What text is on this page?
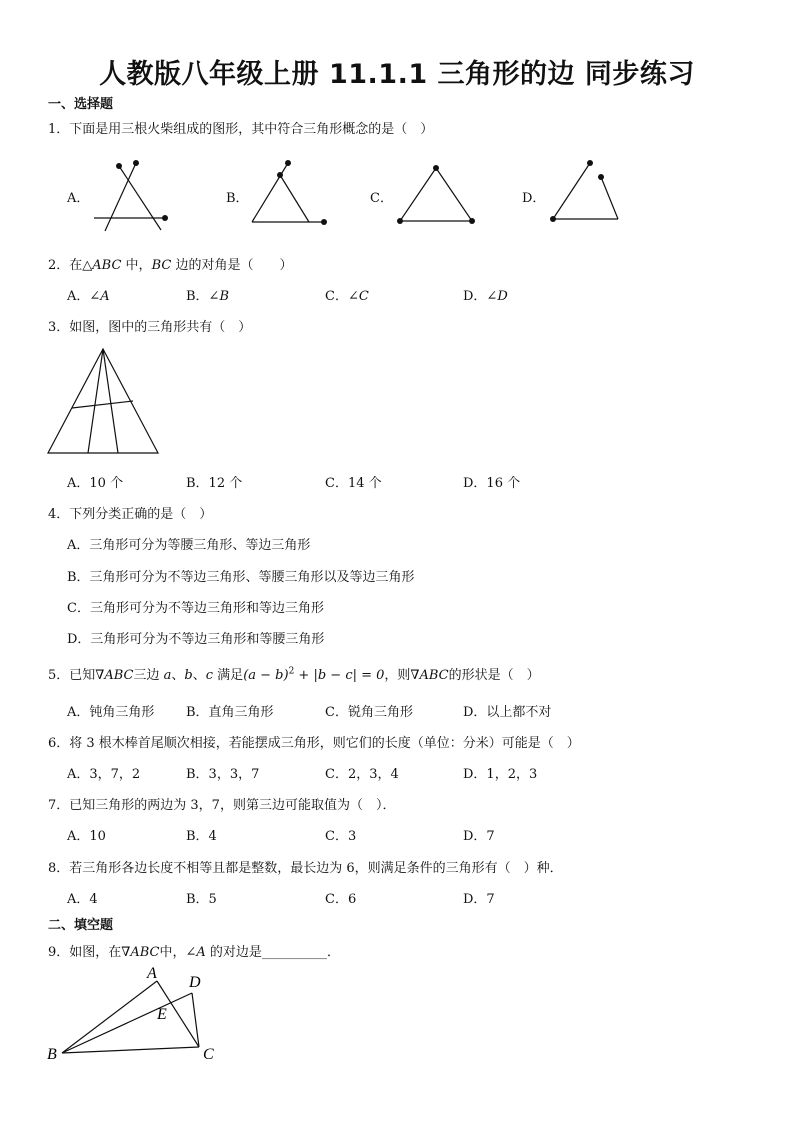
人教版八年级上册 11.1.1 三角形的边 同步练习
一、选择题
1．下面是用三根火柴组成的图形，其中符合三角形概念的是（　）
A．	B．	C．	D．
2．在△ABC 中，BC 边的对角是（　　）
A．∠A	B．∠B	C．∠C	D．∠D
3．如图，图中的三角形共有（　）
A．10 个	B．12 个	C．14 个	D．16 个
4．下列分类正确的是（　）
A．三角形可分为等腰三角形、等边三角形
B．三角形可分为不等边三角形、等腰三角形以及等边三角形
C．三角形可分为不等边三角形和等边三角形
D．三角形可分为不等边三角形和等腰三角形
5．已知∇ABC三边 a、b、c 满足$(a - b)^2 + |b - c| = 0$，则∇ABC的形状是（　）
A．钝角三角形 B．直角三角形	C．锐角三角形	D．以上都不对
6．将 3 根木棒首尾顺次相接，若能摆成三角形，则它们的长度（单位：分米）可能是（　）
A．3，7，2	B．3，3，7	C．2，3，4	D．1，2，3
7．已知三角形的两边为 3，7，则第三边可能取值为（　）．
A．10	B．4	C．3	D．7
8．若三角形各边长度不相等且都是整数，最长边为 6，则满足条件的三角形有（　）种．
A．4	B．5	C．6	D．7
二、填空题
9．如图，在∇ABC中，∠A 的对边是__________．
A
D
E
B	C
